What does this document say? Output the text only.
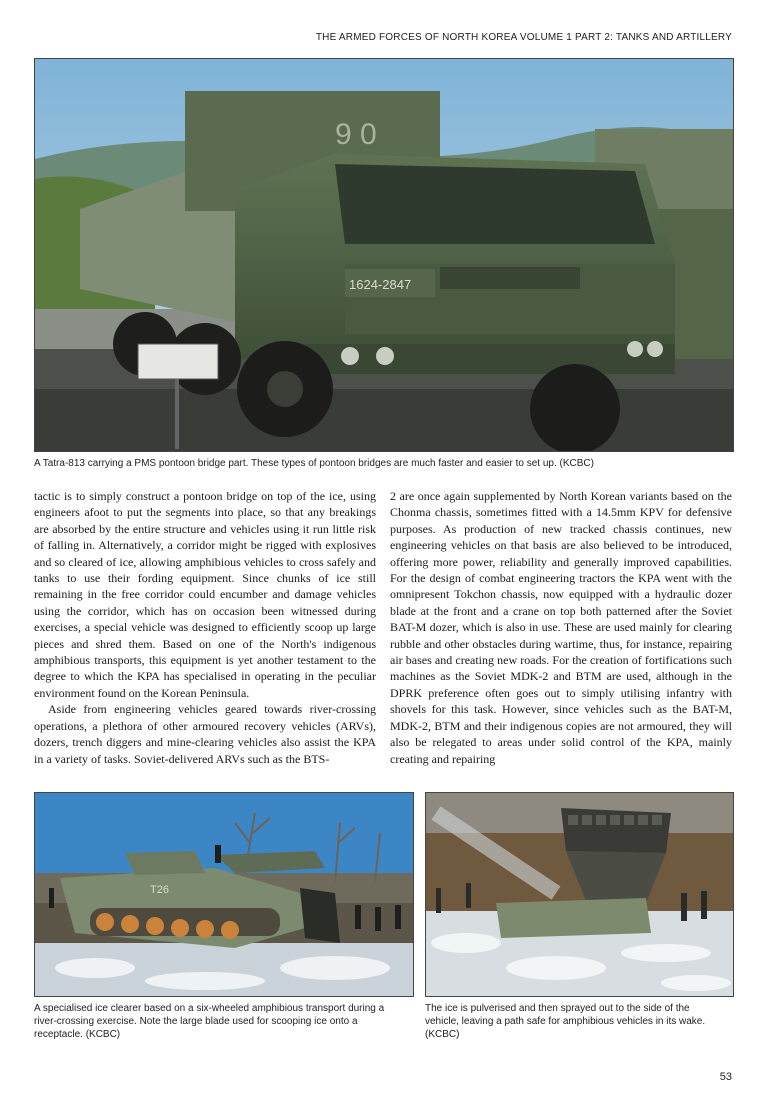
THE ARMED FORCES OF NORTH KOREA VOLUME 1 PART 2: TANKS AND ARTILLERY
9 0
1624-2847
A Tatra-813 carrying a PMS pontoon bridge part. These types of pontoon bridges are much faster and easier to set up. (KCBC)

tactic is to simply construct a pontoon bridge on top of the ice, using engineers afoot to put the segments into place, so that any breakings are absorbed by the entire structure and vehicles using it run little risk of falling in. Alternatively, a corridor might be rigged with explosives and so cleared of ice, allowing amphibious vehicles to cross safely and tanks to use their fording equipment. Since chunks of ice still remaining in the free corridor could encumber and damage vehicles using the corridor, which has on occasion been witnessed during exercises, a special vehicle was designed to efficiently scoop up large pieces and shred them. Based on one of the North's indigenous amphibious transports, this equipment is yet another testament to the degree to which the KPA has specialised in operating in the peculiar environment found on the Korean Peninsula.

Aside from engineering vehicles geared towards river-crossing operations, a plethora of other armoured recovery vehicles (ARVs), dozers, trench diggers and mine-clearing vehicles also assist the KPA in a variety of tasks. Soviet-delivered ARVs such as the BTS-

2 are once again supplemented by North Korean variants based on the Chonma chassis, sometimes fitted with a 14.5mm KPV for defensive purposes. As production of new tracked chassis continues, new engineering vehicles on that basis are also believed to be introduced, offering more power, reliability and generally improved capabilities. For the design of combat engineering tractors the KPA went with the omnipresent Tokchon chassis, now equipped with a hydraulic dozer blade at the front and a crane on top both patterned after the Soviet BAT-M dozer, which is also in use. These are used mainly for clearing rubble and other obstacles during wartime, thus, for instance, repairing air bases and creating new roads. For the creation of fortifications such machines as the Soviet MDK-2 and BTM are used, although in the DPRK preference often goes out to simply utilising infantry with shovels for this task. However, since vehicles such as the BAT-M, MDK-2, BTM and their indigenous copies are not armoured, they will also be relegated to areas under solid control of the KPA, mainly creating and repairing

T26
A specialised ice clearer based on a six-wheeled amphibious transport during a river-crossing exercise. Note the large blade used for scooping ice onto a receptacle. (KCBC)
The ice is pulverised and then sprayed out to the side of the vehicle, leaving a path safe for amphibious vehicles in its wake. (KCBC)
53
